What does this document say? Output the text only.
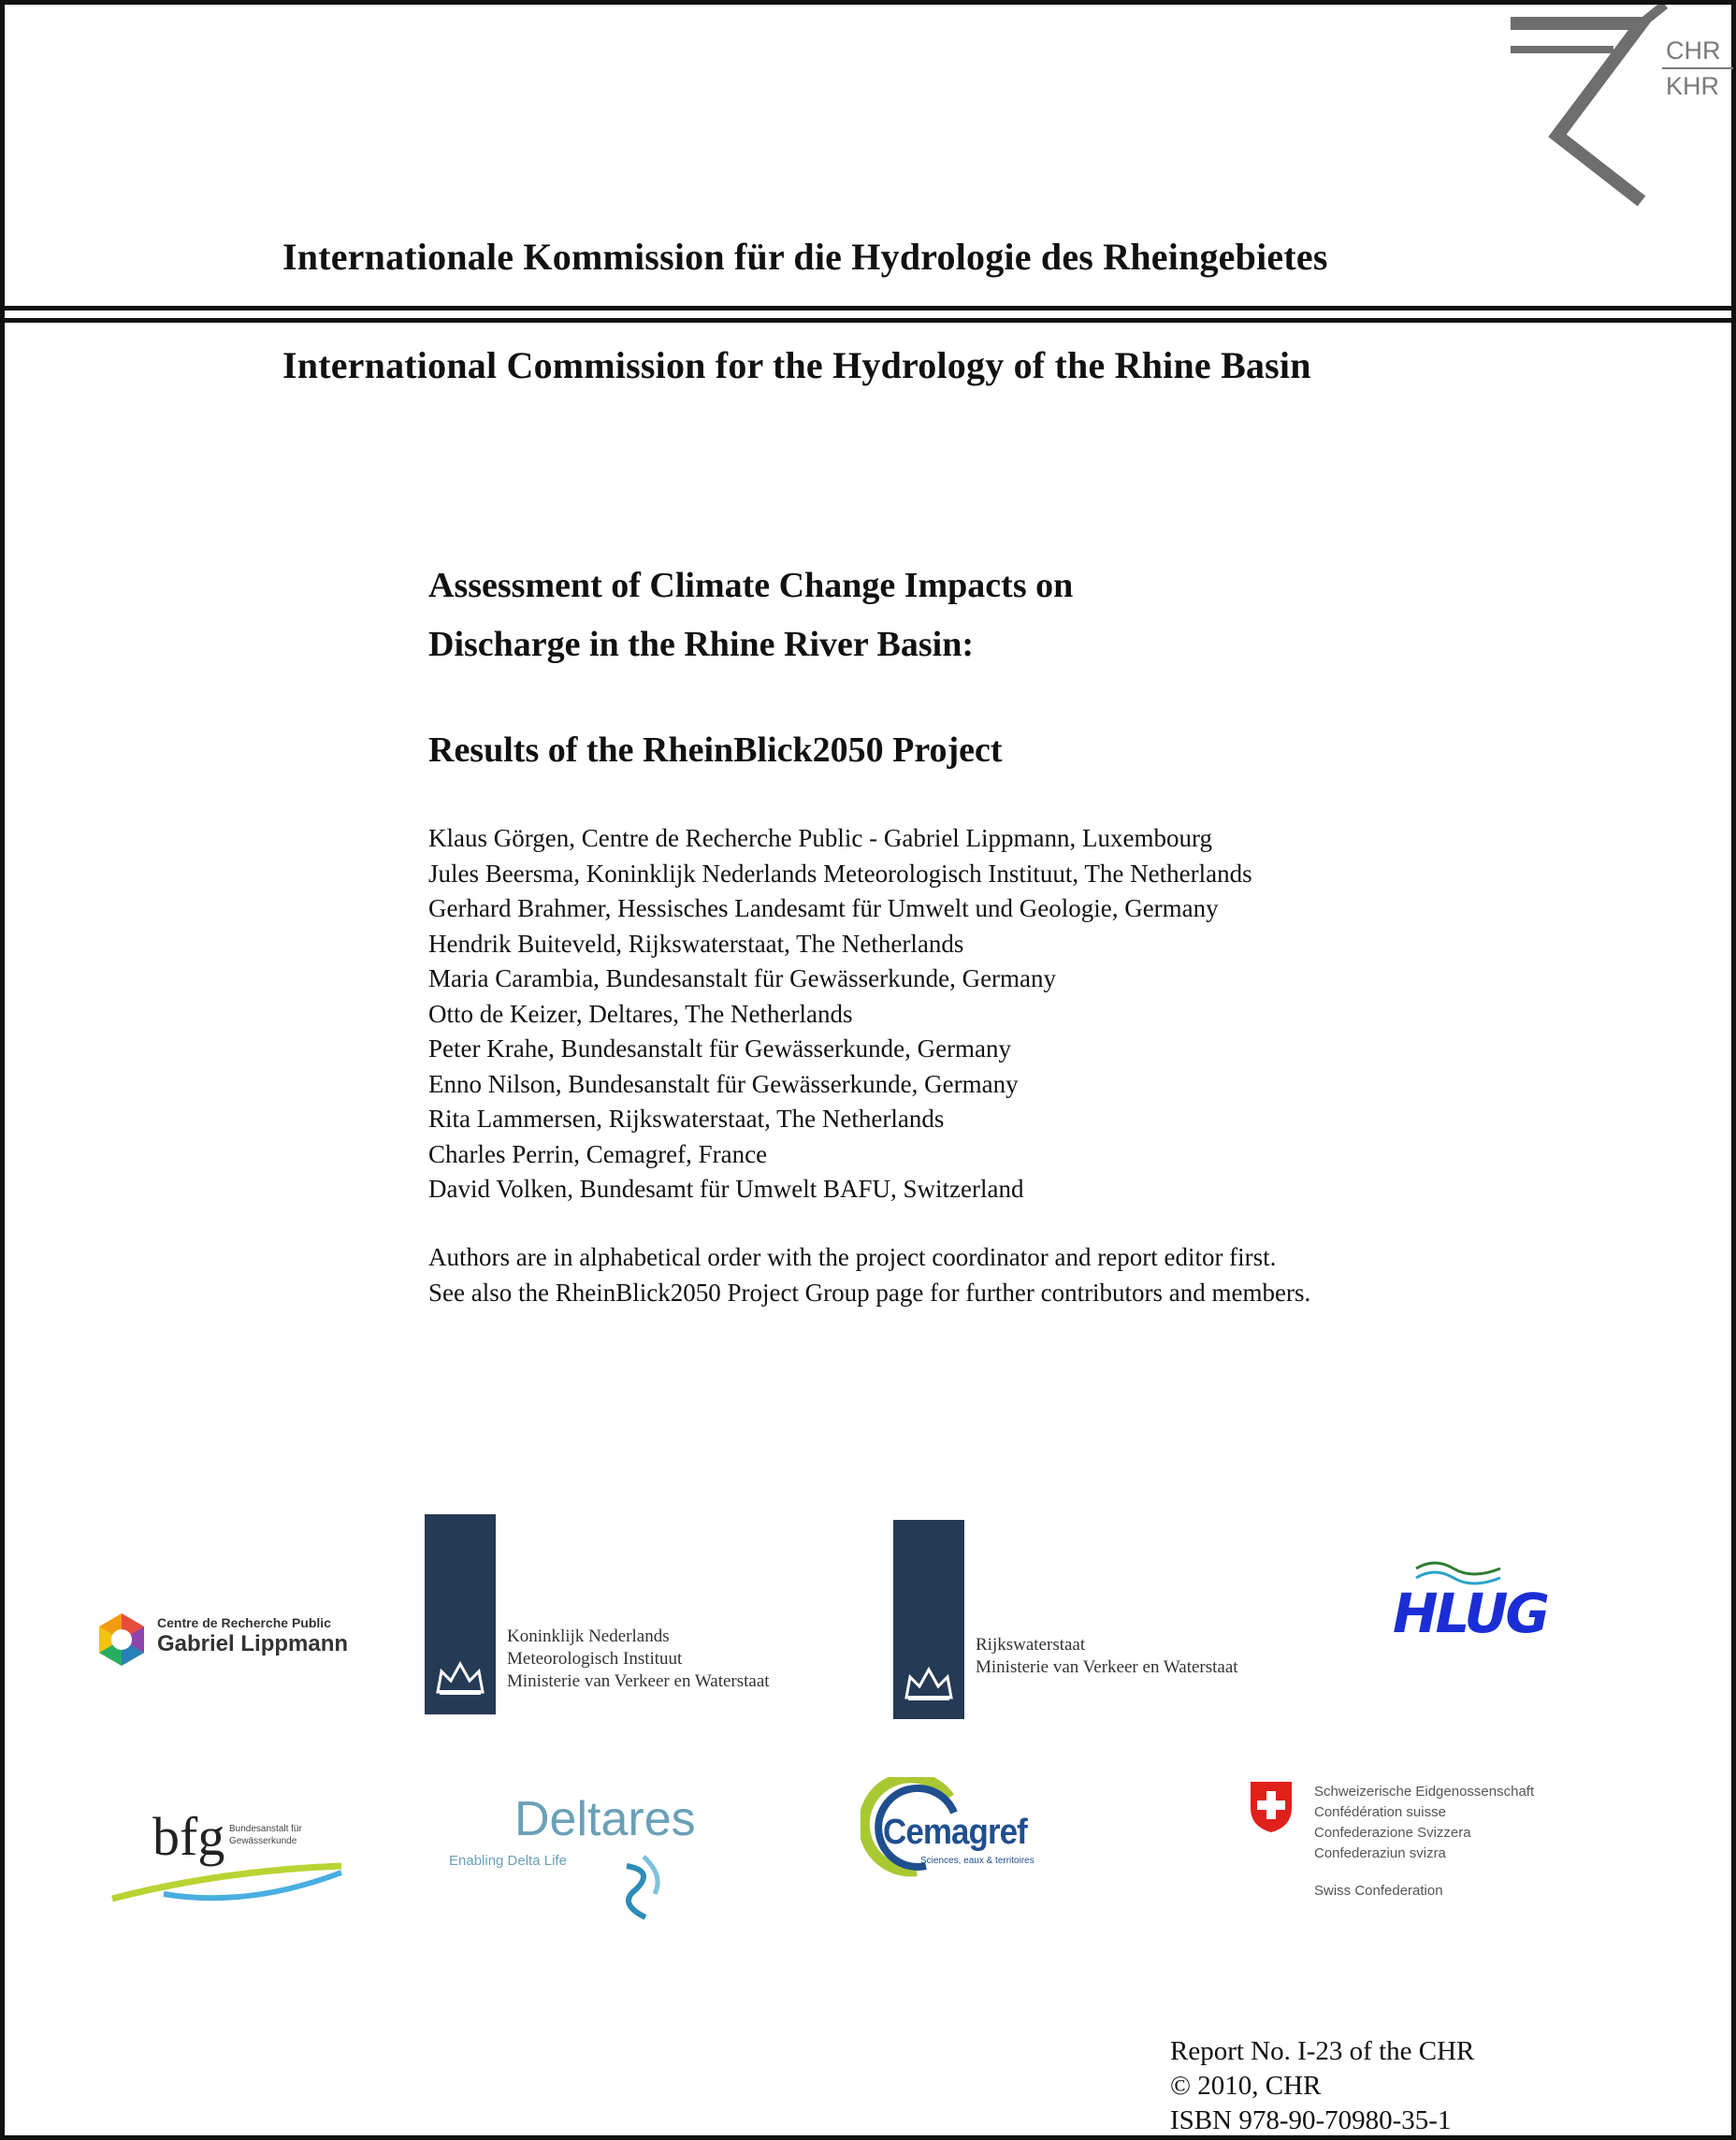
CHR
KHR
Internationale Kommission für die Hydrologie des Rheingebietes
International Commission for the Hydrology of the Rhine Basin
Assessment of Climate Change Impacts on
Discharge in the Rhine River Basin:
Results of the RheinBlick2050 Project
Klaus Görgen, Centre de Recherche Public - Gabriel Lippmann, Luxembourg
Jules Beersma, Koninklijk Nederlands Meteorologisch Instituut, The Netherlands
Gerhard Brahmer, Hessisches Landesamt für Umwelt und Geologie, Germany
Hendrik Buiteveld, Rijkswaterstaat, The Netherlands
Maria Carambia, Bundesanstalt für Gewässerkunde, Germany
Otto de Keizer, Deltares, The Netherlands
Peter Krahe, Bundesanstalt für Gewässerkunde, Germany
Enno Nilson, Bundesanstalt für Gewässerkunde, Germany
Rita Lammersen, Rijkswaterstaat, The Netherlands
Charles Perrin, Cemagref, France
David Volken, Bundesamt für Umwelt BAFU, Switzerland
Authors are in alphabetical order with the project coordinator and report editor first.
See also the RheinBlick2050 Project Group page for further contributors and members.
Centre de Recherche Public
Gabriel Lippmann	Koninklijk Nederlands
Meteorologisch Instituut
Ministerie van Verkeer en Waterstaat
Rijkswaterstaat
Ministerie van Verkeer en Waterstaat
HLUG
bfg Bundesanstalt für
Gewässerkunde	Deltares
Enabling Delta Life
Cemagref
Sciences, eaux & territoires
Schweizerische Eidgenossenschaft
Confédération suisse
Confederazione Svizzera
Confederaziun svizra
Swiss Confederation
Report No. I-23 of the CHR
© 2010, CHR
ISBN 978-90-70980-35-1
